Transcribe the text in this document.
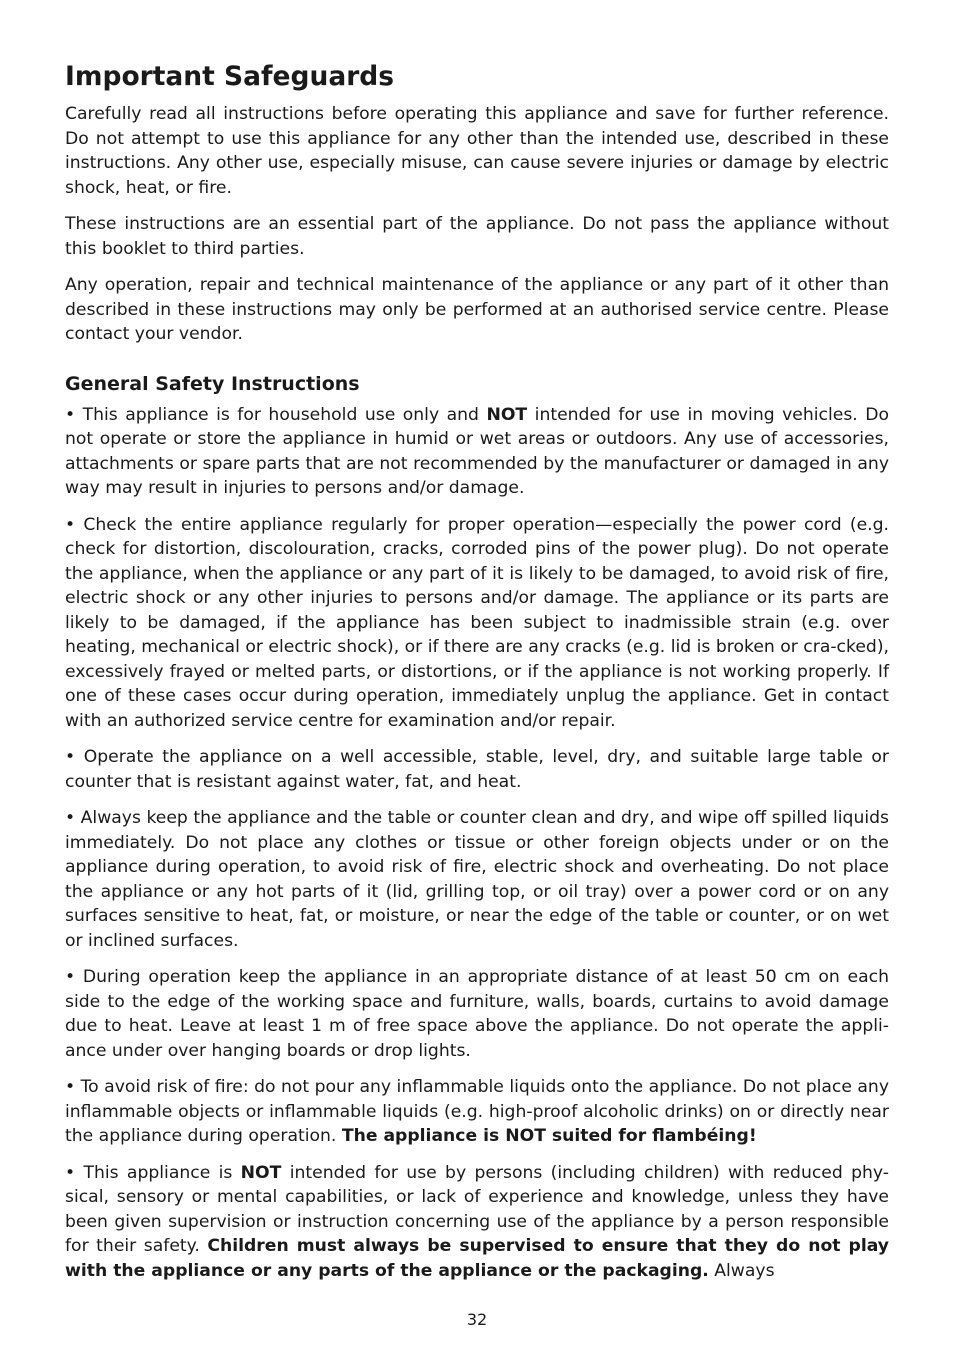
Important Safeguards

Carefully read all instructions before operating this appliance and save for further reference. Do not attempt to use this appliance for any other than the intended use, described in these instructions. Any other use, especially misuse, can cause severe injuries or damage by electric shock, heat, or fire.

These instructions are an essential part of the appliance. Do not pass the appliance without this booklet to third parties.

Any operation, repair and technical maintenance of the appliance or any part of it other than described in these instructions may only be performed at an authorised service centre. Please contact your vendor.

General Safety Instructions

• This appliance is for household use only and NOT intended for use in moving vehicles. Do not operate or store the appliance in humid or wet areas or outdoors. Any use of accessories, attachments or spare parts that are not recommended by the manufacturer or damaged in any way may result in injuries to persons and/or damage.

• Check the entire appliance regularly for proper operation—especially the power cord (e.g. check for distortion, discolouration, cracks, corroded pins of the power plug). Do not operate the appliance, when the appliance or any part of it is likely to be damaged, to avoid risk of fire, electric shock or any other injuries to persons and/or damage. The appliance or its parts are likely to be damaged, if the appliance has been subject to inadmissible strain (e.g. over heating, mechanical or electric shock), or if there are any cracks (e.g. lid is broken or cra-cked), excessively frayed or melted parts, or distortions, or if the appliance is not working properly. If one of these cases occur during operation, immediately unplug the appliance. Get in contact with an authorized service centre for examination and/or repair.

• Operate the appliance on a well accessible, stable, level, dry, and suitable large table or counter that is resistant against water, fat, and heat.

• Always keep the appliance and the table or counter clean and dry, and wipe off spilled liquids immediately. Do not place any clothes or tissue or other foreign objects under or on the appliance during operation, to avoid risk of fire, electric shock and overheating. Do not place the appliance or any hot parts of it (lid, grilling top, or oil tray) over a power cord or on any surfaces sensitive to heat, fat, or moisture, or near the edge of the table or counter, or on wet or inclined surfaces.

• During operation keep the appliance in an appropriate distance of at least 50 cm on each side to the edge of the working space and furniture, walls, boards, curtains to avoid damage due to heat. Leave at least 1 m of free space above the appliance. Do not operate the appli-ance under over hanging boards or drop lights.

• To avoid risk of fire: do not pour any inflammable liquids onto the appliance. Do not place any inflammable objects or inflammable liquids (e.g. high-proof alcoholic drinks) on or directly near the appliance during operation. The appliance is NOT suited for flambéing!

• This appliance is NOT intended for use by persons (including children) with reduced phy-sical, sensory or mental capabilities, or lack of experience and knowledge, unless they have been given supervision or instruction concerning use of the appliance by a person responsible for their safety. Children must always be supervised to ensure that they do not play with the appliance or any parts of the appliance or the packaging. Always

32
